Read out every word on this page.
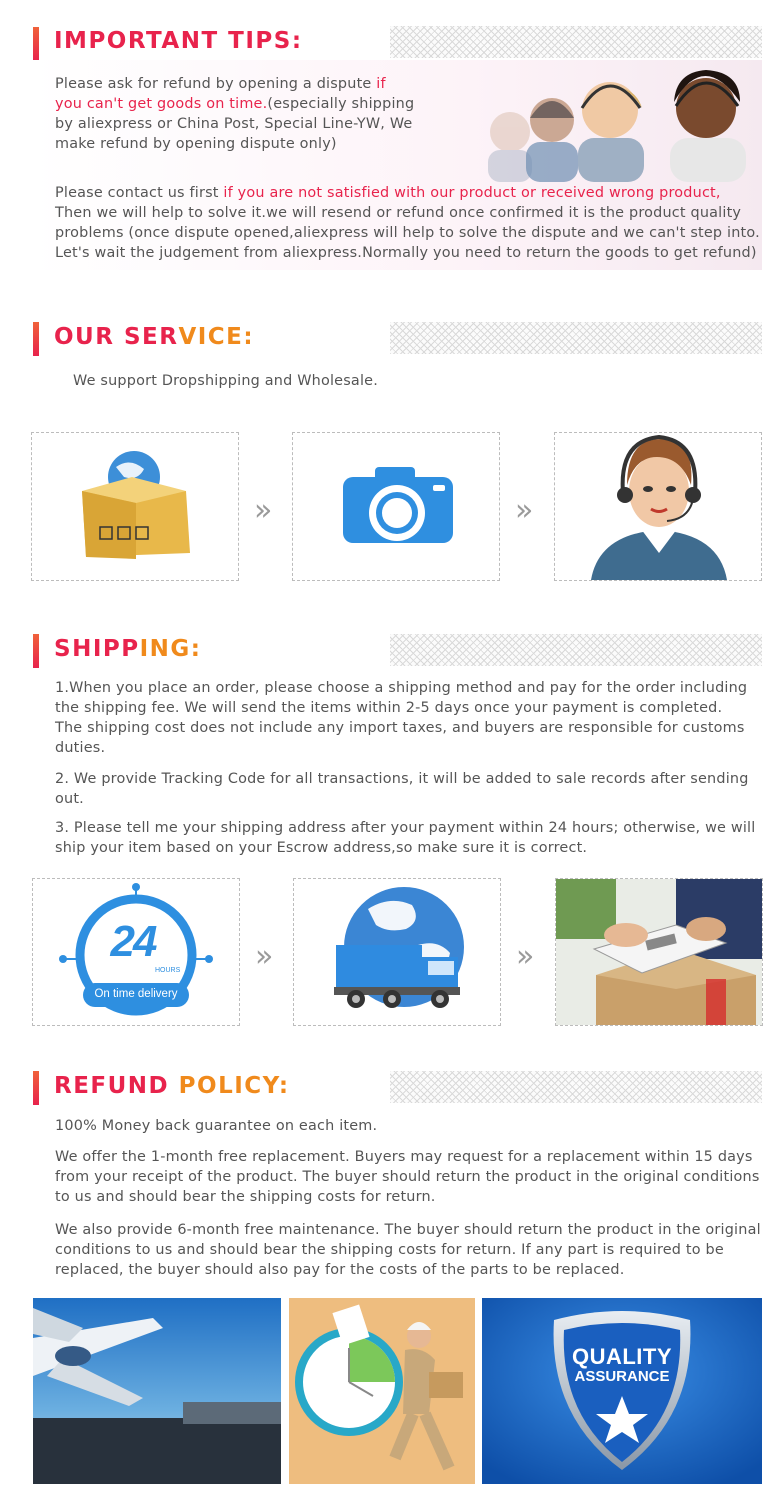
IMPORTANT TIPS:
Please ask for refund by opening a dispute if
you can't get goods on time.(especially shipping
by aliexpress or China Post, Special Line-YW, We
make refund by opening dispute only)
Please contact us first if you are not satisfied with our product or received wrong product,
Then we will help to solve it.we will resend or refund once confirmed it is the product quality
problems (once dispute opened,aliexpress will help to solve the dispute and we can't step into.
Let's wait the judgement from aliexpress.Normally you need to return the goods to get refund)
OUR SERVICE:
We support Dropshipping and Wholesale.
»	»
SHIPPING:
1.When you place an order, please choose a shipping method and pay for the order including
the shipping fee. We will send the items within 2-5 days once your payment is completed.
The shipping cost does not include any import taxes, and buyers are responsible for customs
duties.
2. We provide Tracking Code for all transactions, it will be added to sale records after sending
out.
3. Please tell me your shipping address after your payment within 24 hours; otherwise, we will
ship your item based on your Escrow address,so make sure it is correct.
24
HOURS
On time delivery
»	»
REFUND POLICY:
100% Money back guarantee on each item.
We offer the 1-month free replacement. Buyers may request for a replacement within 15 days
from your receipt of the product. The buyer should return the product in the original conditions
to us and should bear the shipping costs for return.
We also provide 6-month free maintenance. The buyer should return the product in the original
conditions to us and should bear the shipping costs for return. If any part is required to be
replaced, the buyer should also pay for the costs of the parts to be replaced.
QUALITY
ASSURANCE
